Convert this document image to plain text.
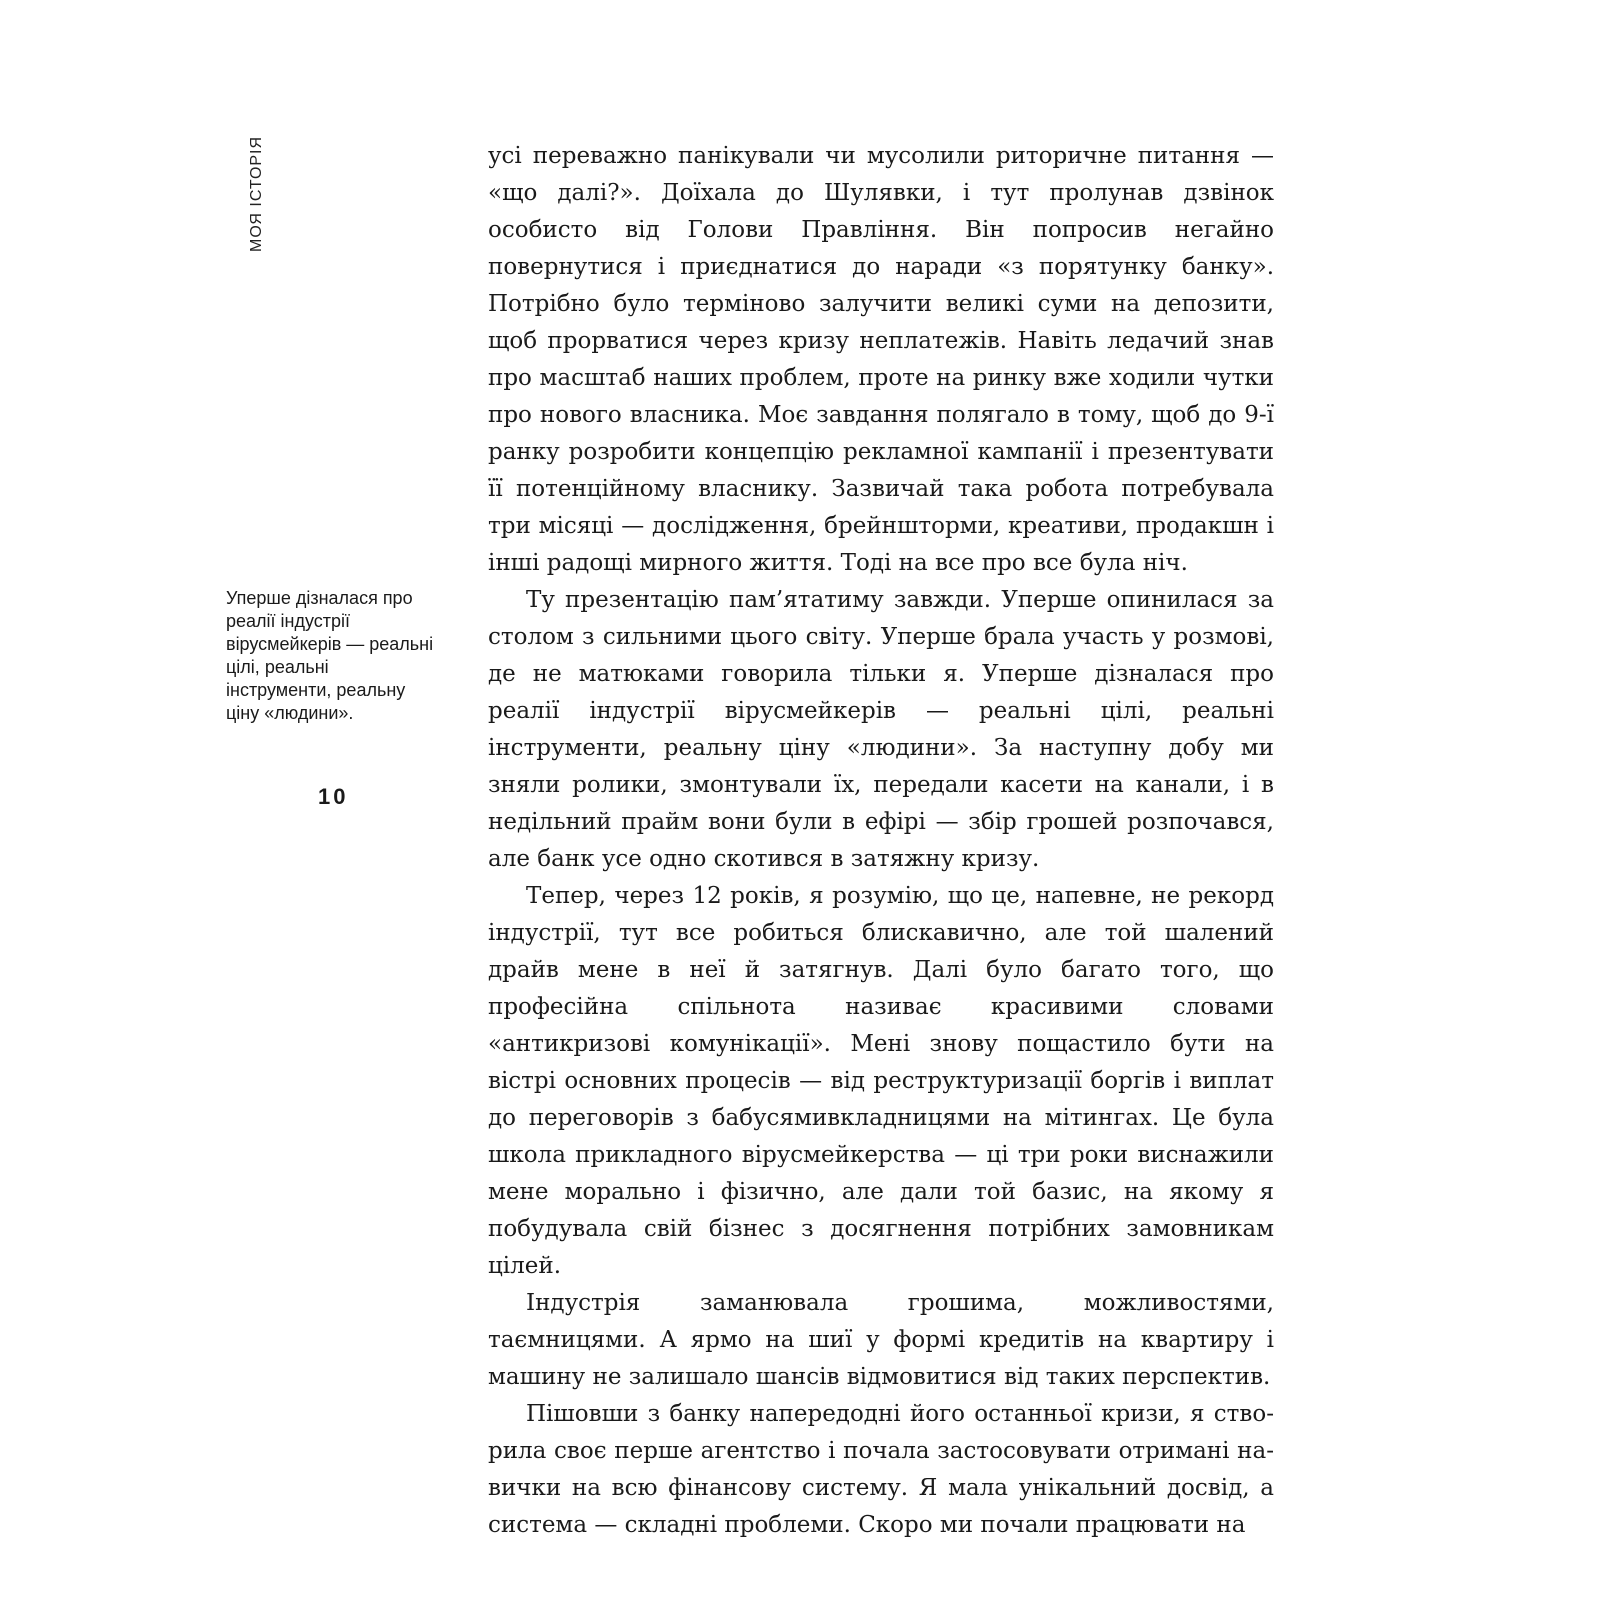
МОЯ ІСТОРІЯ
Уперше дізналася про реалії індустрії вірусмейкерів — реальні цілі, реальні інструменти, реальну ціну «людини».
10

усі переважно панікували чи мусолили риторичне питання — «що далі?». Доїхала до Шулявки, і тут пролунав дзвінок особисто від Голови Правління. Він попросив негайно повернутися і приєднатися до наради «з порятунку банку». Потрібно було терміново залучити великі суми на депозити, щоб прорватися через кризу неплатежів. Навіть ледачий знав про масштаб наших проблем, проте на ринку вже ходили чутки про нового власника. Моє завдання полягало в тому, щоб до 9-ї ранку розробити концепцію рекламної кампанії і презентувати її потенційному власнику. Зазвичай така робота потребувала три місяці — дослідження, брейншторми, креативи, продакшн і інші радощі мирного життя. Тоді на все про все була ніч.

Ту презентацію пам’ятатиму завжди. Уперше опинилася за столом з сильними цього світу. Уперше брала участь у розмові, де не матюками говорила тільки я. Уперше дізналася про реалії індустрії вірусмейкерів — реальні цілі, реальні інструменти, реальну ціну «людини». За наступну добу ми зняли ролики, змонтували їх, передали касети на канали, і в недільний прайм вони були в ефірі — збір грошей розпочався, але банк усе одно скотився в затяжну кризу.

Тепер, через 12 років, я розумію, що це, напевне, не рекорд індустрії, тут все робиться блискавично, але той шалений драйв мене в неї й затягнув. Далі було багато того, що професійна спільнота називає красивими словами «антикризові комунікації». Мені знову пощастило бути на вістрі основних процесів — від реструктуризації боргів і виплат до переговорів з бабусямивкладницями на мітингах. Це була школа прикладного вірусмейкерства — ці три роки виснажили мене морально і фізично, але дали той базис, на якому я побудувала свій бізнес з досягнення потрібних замовникам цілей.

Індустрія заманювала грошима, можливостями, таємницями. А ярмо на шиї у формі кредитів на квартиру і машину не залишало шансів відмовитися від таких перспектив.

Пішовши з банку напередодні його останньої кризи, я створила своє перше агентство і почала застосовувати отримані навички на всю фінансову систему. Я мала унікальний досвід, а система — складні проблеми. Скоро ми почали працювати на
